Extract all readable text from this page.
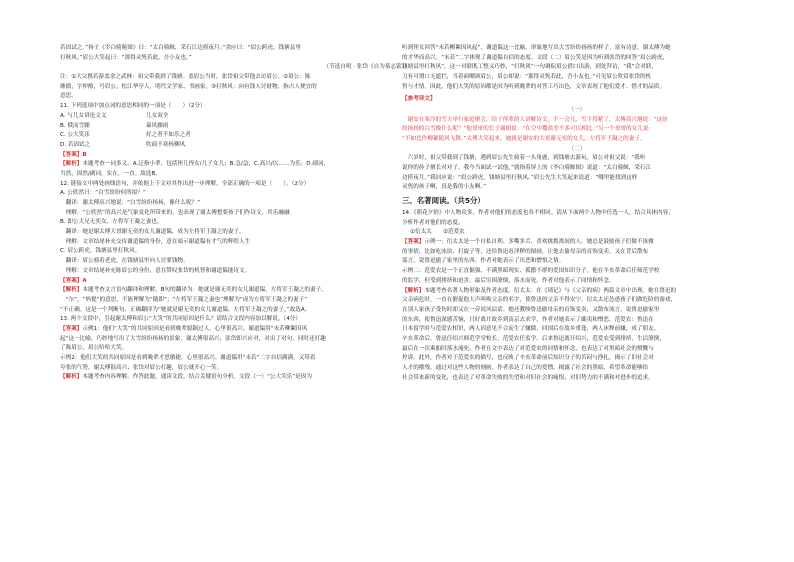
若固试之。”扬子《宰白骑秘图》曰：“太白骑鲸，采石江边捞夜月。”余应曰：“眉公跨虎，钱塘县里
打秋风。”眉公大笑起曰：“那得灵隽若此，吾小友也。”
（节选自明 · 张岱《自为墓志铭》）
注：①大父携若游盖余之武林：祖父带我到了钱塘。盖眉公当时，张岱祖父带他去访眉公。②眉公：陈
继儒，字仲醇，号眉公，松江华亭人，明代文学家、书画家。③打秋风：向有钱人讨财物，指占人便宜的
意思。
11. 下列选项中加点词的意思相同的一项是（　　）（2分）
A. 与儿女讲论文义	儿女双全
B. 俄而雪骤	暴风骤雨
C. 公大笑乐	好之者不如乐之者
D. 若固试之	吹面不寒杨柳风
【答案】B
【解析】本题考查一词多义。A.泛指小辈，包括侄儿侄女/儿子女儿；B.急/急；C.高兴/以……为乐；D.副词，
当然，固然/副词，实在，一直。故选B。
12. 链接文中两处画线语句，并依据上下文对其作出进一步理解，全部正确的一项是（　　）。（2分）
A. 公欣然曰：“白雪纷纷何所拟？”
　翻译：谢太傅高兴地说：“白雪纷纷扬扬，像什么呢？”
　理解：“公欣然”的高兴是气象变化所带来的，也表现了谢太傅想要孩子们作诗文，其乐融融
B. 即公大兄无奕女，左将军王凝之妻也。
　翻译：她是谢太傅大哥谢无奕的女儿谢道韫，成为左将军王凝之的妻子。
　理解：文章结尾补充交待谢道韫的身份，意在暗示谢道韫有才气的辉煌人生
C. 眉公跨虎，钱塘县里打秋风。
　翻译：眉公骑着老虎，在钱塘县里向人讨要钱物。
　理解：文章结尾补充陈眉公的身份，意在赞叹张岱的机智和谢道韫能诗文。
【答案】A
【解析】本题考查文言语句翻译和理解。B句的翻译为：她就是谢无奕的女儿谢道韫，左将军王凝之的妻子。
　“尔”，“妈提”的意思，不能理解为“随即”；“左将军王凝之妻也”理解为“成为左将军王凝之的妻子”
“不正确。这是一个判断句，正确翻译为“她就是谢无奕的女儿谢道韫，左将军王凝之的妻子。”故选A。
13. 两个文段中，引起谢太傅和眉公“大笑”的共同原因是什么？请结合文段内容加以解说。（4分）
【答案】示例1：他们“大笑”的共同原因是看到晚辈聪颖过人，心里很高兴。谢道韫用“未若柳絮因风
起”这一比喻，巧妙地写出了大雪纷纷扬扬的景象，谢太傅很高兴；张岱即兴应对，对出了对句，同时还打趣
了陈眉公，眉公哈哈大笑。
示例2：他们大笑的共同原因是看到晚辈才思敏捷，心里很高兴。谢道韫用“未若”二字自信满满，又带着
夸张的气势，谢太傅很高兴；张岱对眉公打趣，眉公就开心一笑。
【解析】本题考查内容理解。作答此题，通读文段，结合关键语句分析。文段（一）“公大笑乐”是因为
听到侄女回答“未若柳絮因风起”，谢道韫这一比喻，形象地写出大雪纷纷扬扬的样子，富有诗意，谢太傅为她
的才华而高兴。“未若”二字体现了谢道韫自信的态度。文段（二）眉公笑是因为听到张岱的回答“眉公跨虎，
钱塘县里打秋风”，这一对联既工整又巧妙，“打秋风”一句调侃眉公借口出游，到处拜访，“我”会对联，
刀有可谓口无遮拦，当着面嘲讽眉公，眉公却说：“那得灵隽若此，吾小友也。”可见眉公欣赏张岱的机
智与才情。因此，他们大笑的原因都是因为听到晚辈的对答工巧出色，文章表现了他们爱才、惜才的品质。
【参考译文】
（一）
　谢安在寒冷的雪天举行家庭聚会，给子侄辈的人讲解诗文。不一会儿，雪下得紧了，太傅高兴地说：“这纷
纷扬扬的白雪像什么呢？”他哥哥的长子谢朗说：“在空中撒盐差不多可以相比。”另一个哥哥的女儿说：
“不如比作柳絮随风飞舞。”太傅大笑起来。她就是谢安的大哥谢无奕的女儿，左将军王凝之的妻子。
（二）
　六岁时，祖父带我到了钱塘，遇到眉公先生骑着一头角鹿，到钱塘去游玩。眉公对祖父说：“我听
说你的孙子擅长对对子，我今当面试一试他。”就指着屏上的《李白骑鲸图》说道：“太白骑鲸，采石江
边捞夜月。”我回应说：“眉公跨虎，钱塘县里打秋风。”眉公先生大笑起来说道：“哪里能找到这样
灵隽的孩子啊，真是我的小友啊。”
三、名著阅读。（共5分）
14.《朝花夕拾》中人物众多，作者对他们的态度也各不相同。请从下面两个人物中任选一人，结合具体内容，
分析作者对他们的态度。
①衍太太　　②范爱农
【答案】示例一：衍太太是一个自私自利、多嘴多舌、喜欢挑拨离间的人。她总是鼓励孩子们做不该做
的事情，比如吃冰块、打旋子等，还给鲁迅看淫秽的图画，让他去偷母亲的首饰变卖，又在背后散布
谣言，说鲁迅偷了家里的东西。作者对她表示了厌恶和憎恨之情。
示例二：范爱农是一个正直倔强、不满黑暗现实、孤傲不群的爱国知识分子。他在辛亥革命后任师范学校
的监学，但受到排挤和迫害，最后穷困潦倒，落水而死。作者对他表示了同情和怀念。
【解析】本题考查名著人物形象及作者态度。衍太太：在《琐记》与《父亲的病》两篇文章中出现。她在鲁迅的
父亲病危时，一直在催促他大声叫唤父亲的名字，使鲁迅的父亲不得安宁。衍太太还怂恿孩子们做危险的游戏，
在别人家孩子受伤时却又在一旁说风凉话。她还教唆鲁迅偷母亲的首饰变卖，又散布流言，说鲁迅偷家里
的东西，使鲁迅深感苦恼，只好离开故乡到南京去求学。作者对她表示了鄙夷和憎恶。范爱农：鲁迅在
日本留学时与范爱农相识，两人因意见不合而生了嫌隙。回国后在故乡重逢，两人冰释前嫌，成了朋友。
辛亥革命后，鲁迅任绍兴师范学堂校长，范爱农任监学。后来鲁迅离开绍兴，范爱农受到排挤，生活潦倒，
最后在一次乘船时落水淹死。作者在文中表达了对范爱农的同情和怀念，也表达了对黑暗社会的愤慨与
控诉。此外，作者对于范爱农的描写，也反映了辛亥革命前后知识分子的苦闷与挣扎，揭示了旧社会对
人才的摧残。通过对这些人物的刻画，作者表达了自己的爱憎，揭露了社会的黑暗，希望革命能够给
社会带来新的变化，也表达了对革命失败的失望和对旧社会的痛恨，对旧势力的不满和对进步的追求。
